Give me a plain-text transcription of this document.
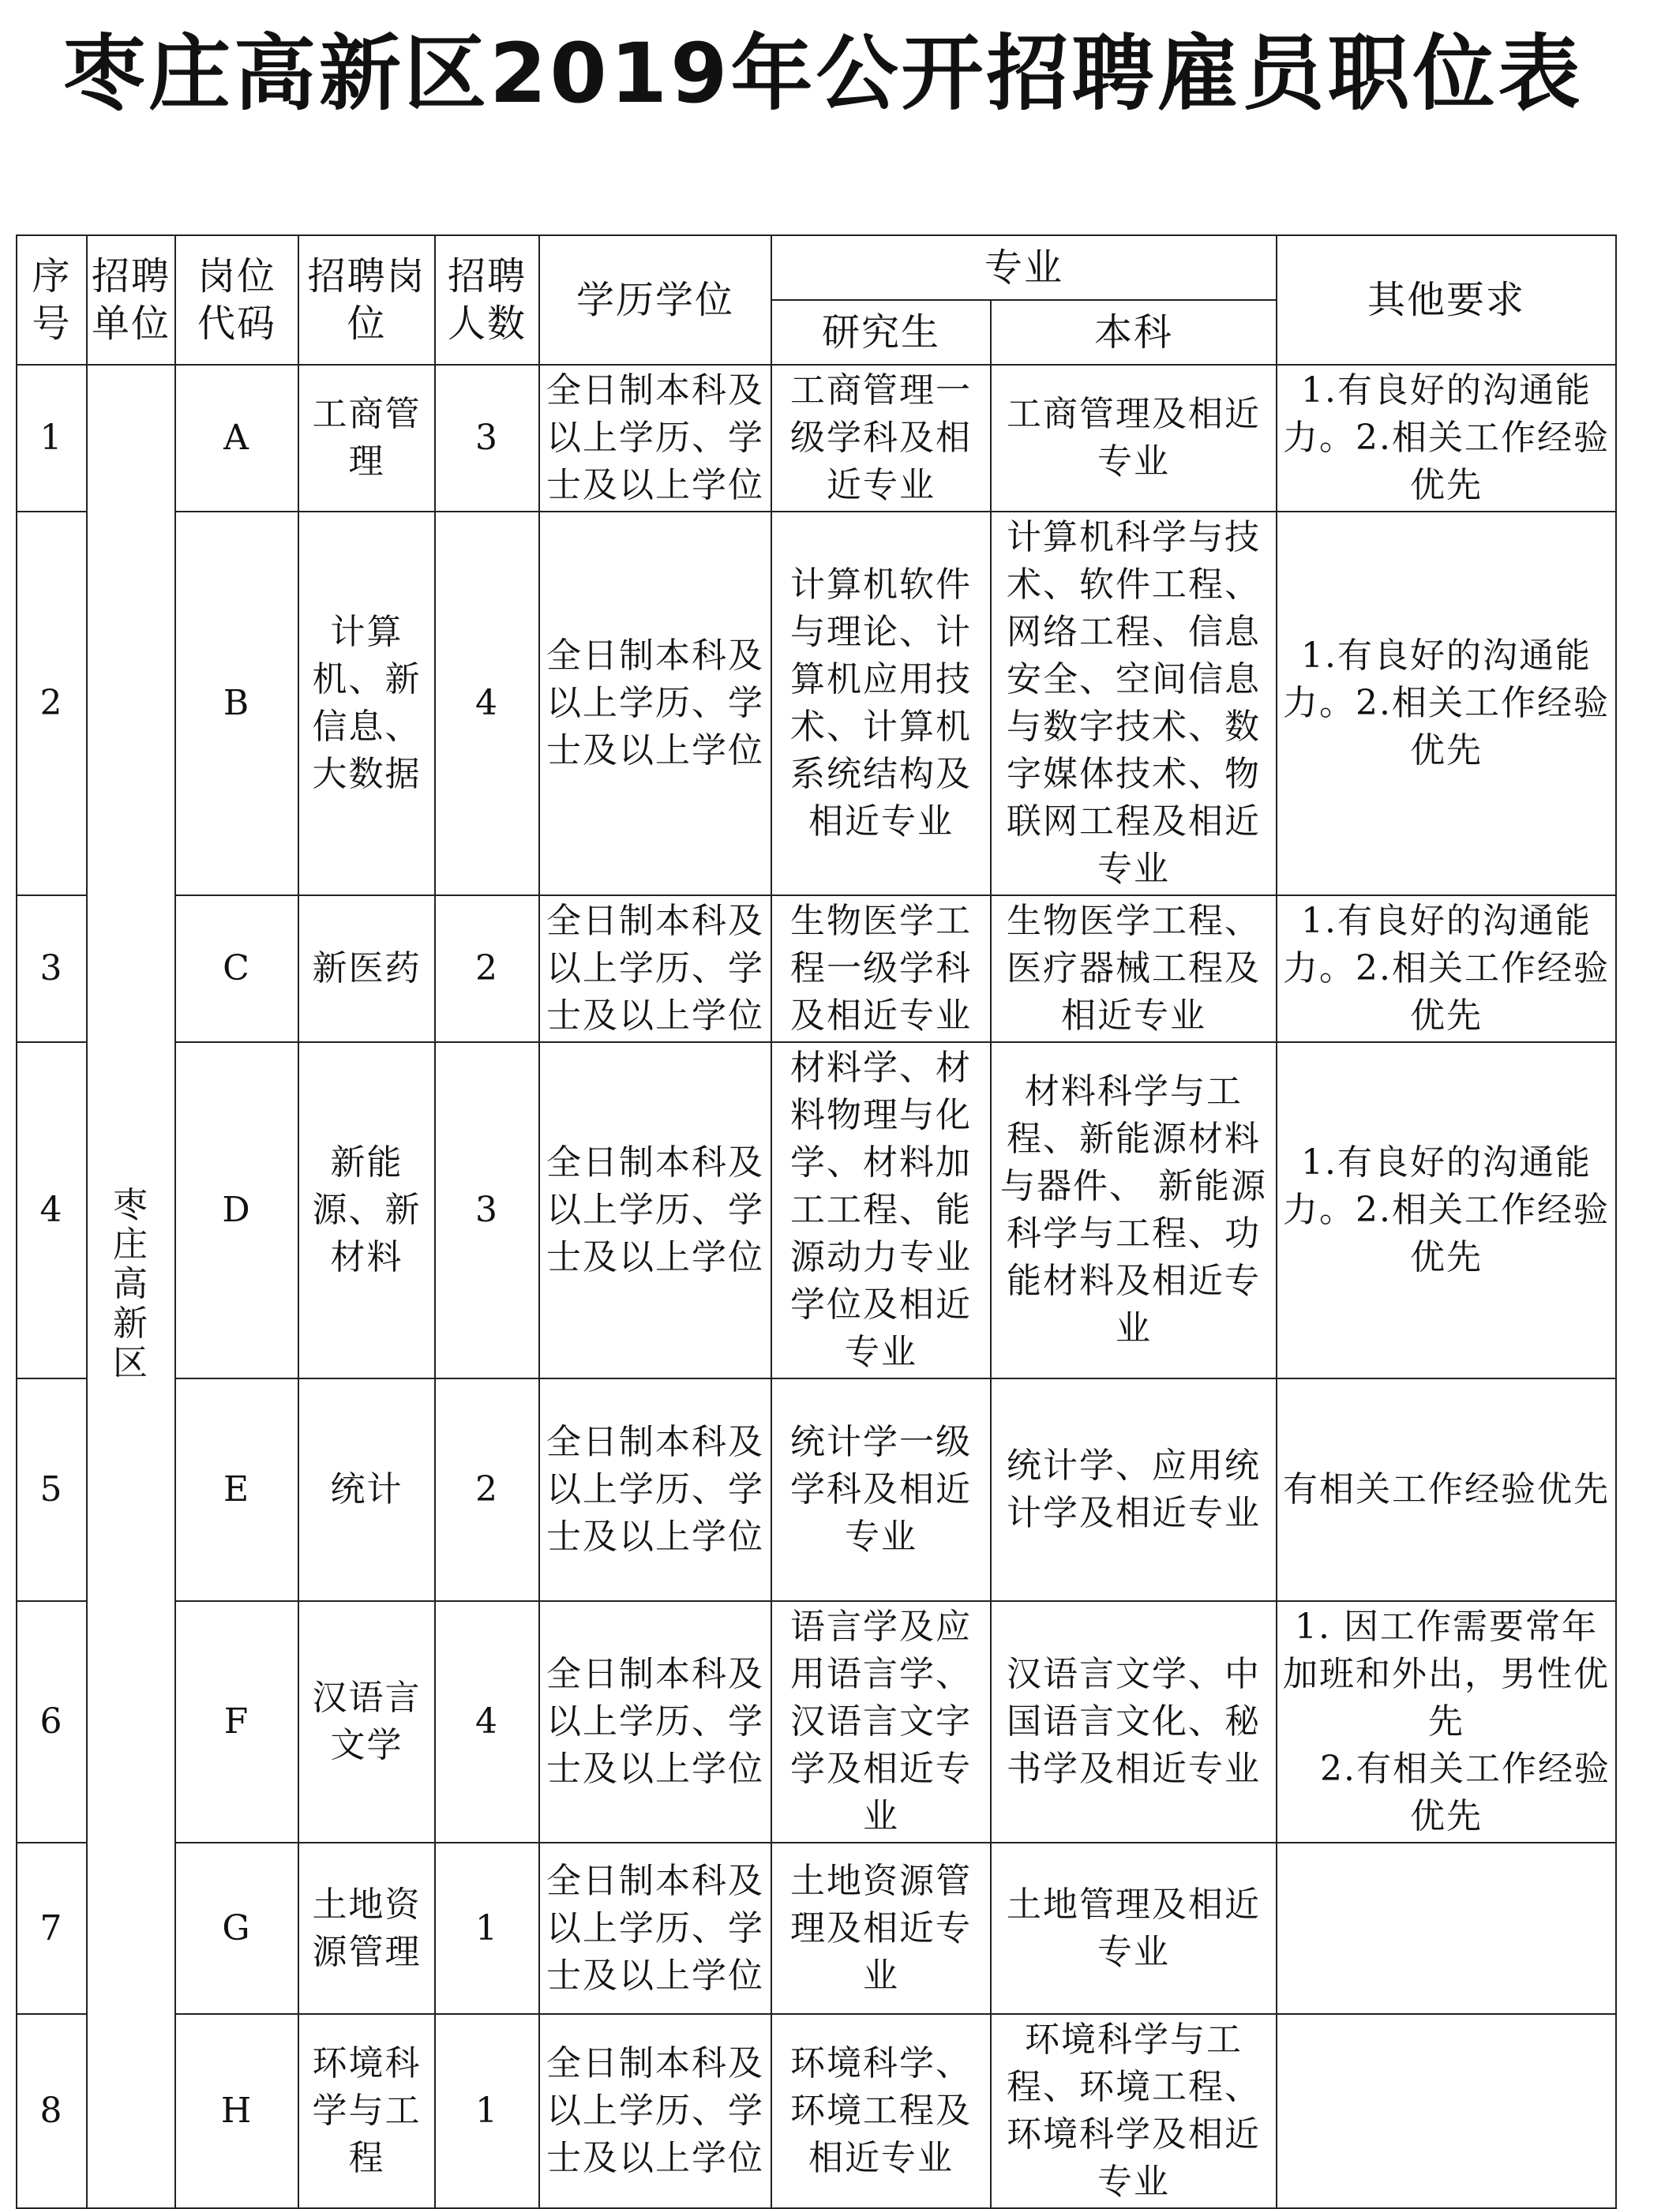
枣庄高新区2019年公开招聘雇员职位表
序号	招聘单位	岗位代码	招聘岗位	招聘人数	学历学位	专业		其他要求
						研究生	本科	
1	枣庄高新区	A	工商管理	3	全日制本科及以上学历、学士及以上学位	工商管理一级学科及相近专业	工商管理及相近专业	1.有良好的沟通能力。2.相关工作经验优先
2		B	计算机、新信息、大数据	4	全日制本科及以上学历、学士及以上学位	计算机软件与理论、计算机应用技术、计算机系统结构及相近专业	计算机科学与技术、软件工程、网络工程、信息安全、空间信息与数字技术、数字媒体技术、物联网工程及相近专业	1.有良好的沟通能力。2.相关工作经验优先
3		C	新医药	2	全日制本科及以上学历、学士及以上学位	生物医学工程一级学科及相近专业	生物医学工程、医疗器械工程及相近专业	1.有良好的沟通能力。2.相关工作经验优先
4		D	新能源、新材料	3	全日制本科及以上学历、学士及以上学位	材料学、材料物理与化学、材料加工工程、能源动力专业学位及相近专业	材料科学与工程、新能源材料与器件、 新能源科学与工程、功能材料及相近专业	1.有良好的沟通能力。2.相关工作经验优先
5		E	统计	2	全日制本科及以上学历、学士及以上学位	统计学一级学科及相近专业	统计学、应用统计学及相近专业	有相关工作经验优先
6		F	汉语言文学	4	全日制本科及以上学历、学士及以上学位	语言学及应用语言学、汉语言文字学及相近专业	汉语言文学、中国语言文化、秘书学及相近专业	1. 因工作需要常年加班和外出，男性优先
2.有相关工作经验优先
7		G	土地资源管理	1	全日制本科及以上学历、学士及以上学位	土地资源管理及相近专业	土地管理及相近专业	
8		H	环境科学与工程	1	全日制本科及以上学历、学士及以上学位	环境科学、环境工程及相近专业	环境科学与工程、环境工程、环境科学及相近专业	
